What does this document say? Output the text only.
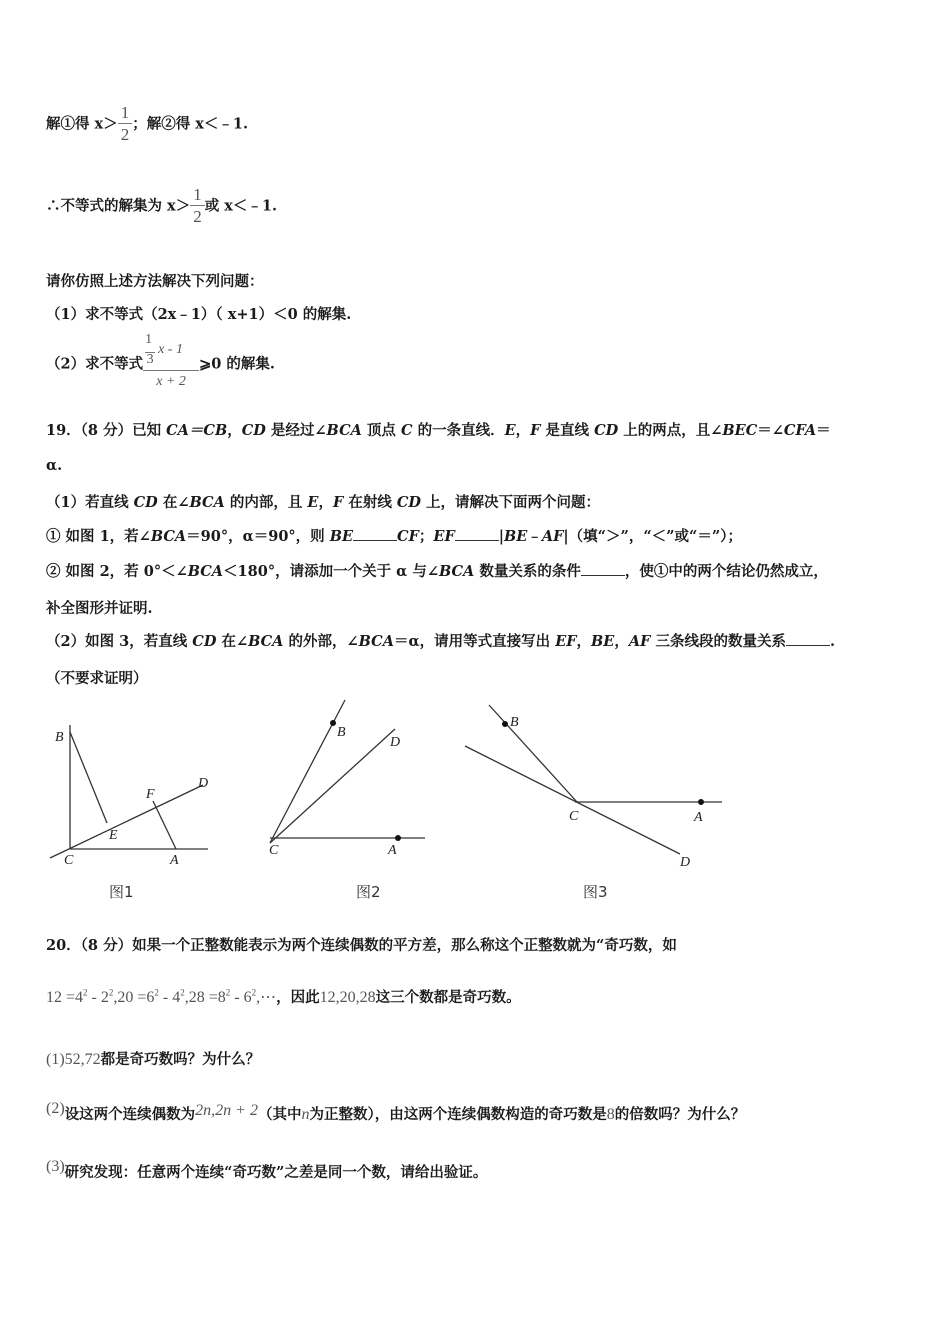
解①得 $x> \frac{1}{2}$ ；解②得 x＜﹣1.
∴不等式的解集为 $x> \frac{1}{2}$ 或 x＜﹣1.
请你仿照上述方法解决下列问题：
（1）求不等式（2x﹣1）（ x+1）＜0 的解集.
（2）求不等式 1
3
x - 1
x + 2 ⩾0 的解集.
19．（8 分）已知 CA＝CB，CD 是经过∠BCA 顶点 C 的一条直线．E，F 是直线 CD 上的两点，且∠BEC＝∠CFA＝
α.
（1）若直线 CD 在∠BCA 的内部，且 E，F 在射线 CD 上，请解决下面两个问题：
① 如图 1，若∠BCA＝90°，α＝90°，则 BE	CF；EF	|BE﹣AF|（填“＞”，“＜”或“＝”）；
② 如图 2，若 0°＜∠BCA＜180°，请添加一个关于 α 与∠BCA 数量关系的条件	，使①中的两个结论仍然成立，
补全图形并证明.
（2）如图 3，若直线 CD 在∠BCA 的外部，∠BCA＝α，请用等式直接写出 EF，BE，AF 三条线段的数量关系	.
（不要求证明）
B
F
D
E
C	A
图1
B
D
C	A
图2
B
C	A
D
图3
20．（8 分）如果一个正整数能表示为两个连续偶数的平方差，那么称这个正整数就为“奇巧数，如
$12 =4^2 - 2^2,20 =6^2 - 4^2,28 =8^2$ - $6^2,\cdots$，因此12,20,28这三个数都是奇巧数。
(1)52,72都是奇巧数吗？为什么？
(2)设这两个连续偶数为2n,2n + 2（其中n为正整数），由这两个连续偶数构造的奇巧数是8的倍数吗？为什么？
(3)研究发现：任意两个连续“奇巧数”之差是同一个数，请给出验证。
